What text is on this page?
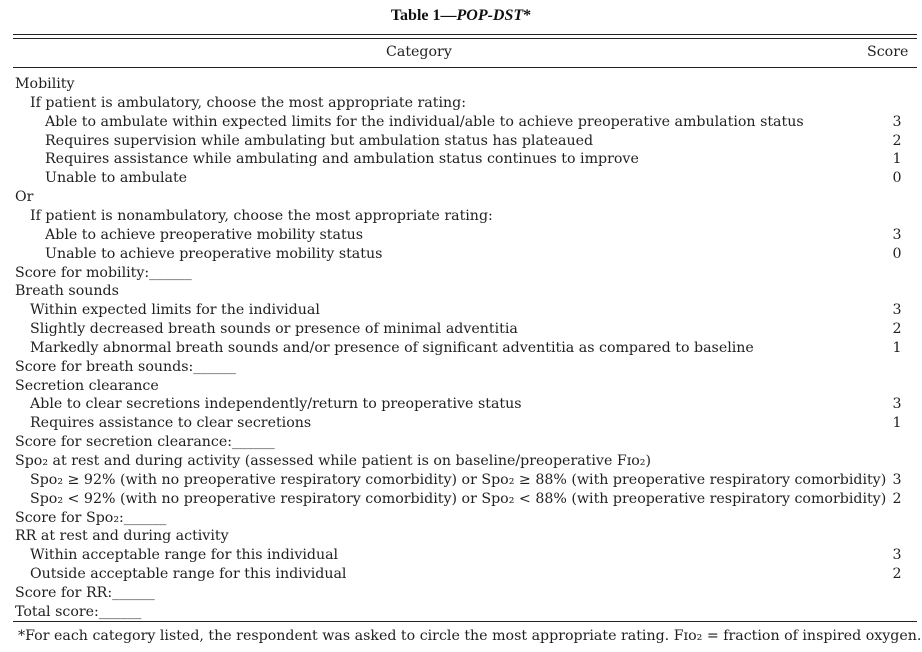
Table 1—POP-DST*
Category	Score
Mobility
If patient is ambulatory, choose the most appropriate rating:
Able to ambulate within expected limits for the individual/able to achieve preoperative ambulation status	3
Requires supervision while ambulating but ambulation status has plateaued	2
Requires assistance while ambulating and ambulation status continues to improve	1
Unable to ambulate	0
Or
If patient is nonambulatory, choose the most appropriate rating:
Able to achieve preoperative mobility status	3
Unable to achieve preoperative mobility status	0
Score for mobility:______
Breath sounds
Within expected limits for the individual	3
Slightly decreased breath sounds or presence of minimal adventitia	2
Markedly abnormal breath sounds and/or presence of significant adventitia as compared to baseline	1
Score for breath sounds:______
Secretion clearance
Able to clear secretions independently/return to preoperative status	3
Requires assistance to clear secretions	1
Score for secretion clearance:______
Spo₂ at rest and during activity (assessed while patient is on baseline/preoperative Fɪᴏ₂)
Spo₂ ≥ 92% (with no preoperative respiratory comorbidity) or Spo₂ ≥ 88% (with preoperative respiratory comorbidity) 3
Spo₂ < 92% (with no preoperative respiratory comorbidity) or Spo₂ < 88% (with preoperative respiratory comorbidity) 2
Score for Spo₂:______
RR at rest and during activity
Within acceptable range for this individual	3
Outside acceptable range for this individual	2
Score for RR:______
Total score:______
*For each category listed, the respondent was asked to circle the most appropriate rating. Fɪᴏ₂ = fraction of inspired oxygen.
